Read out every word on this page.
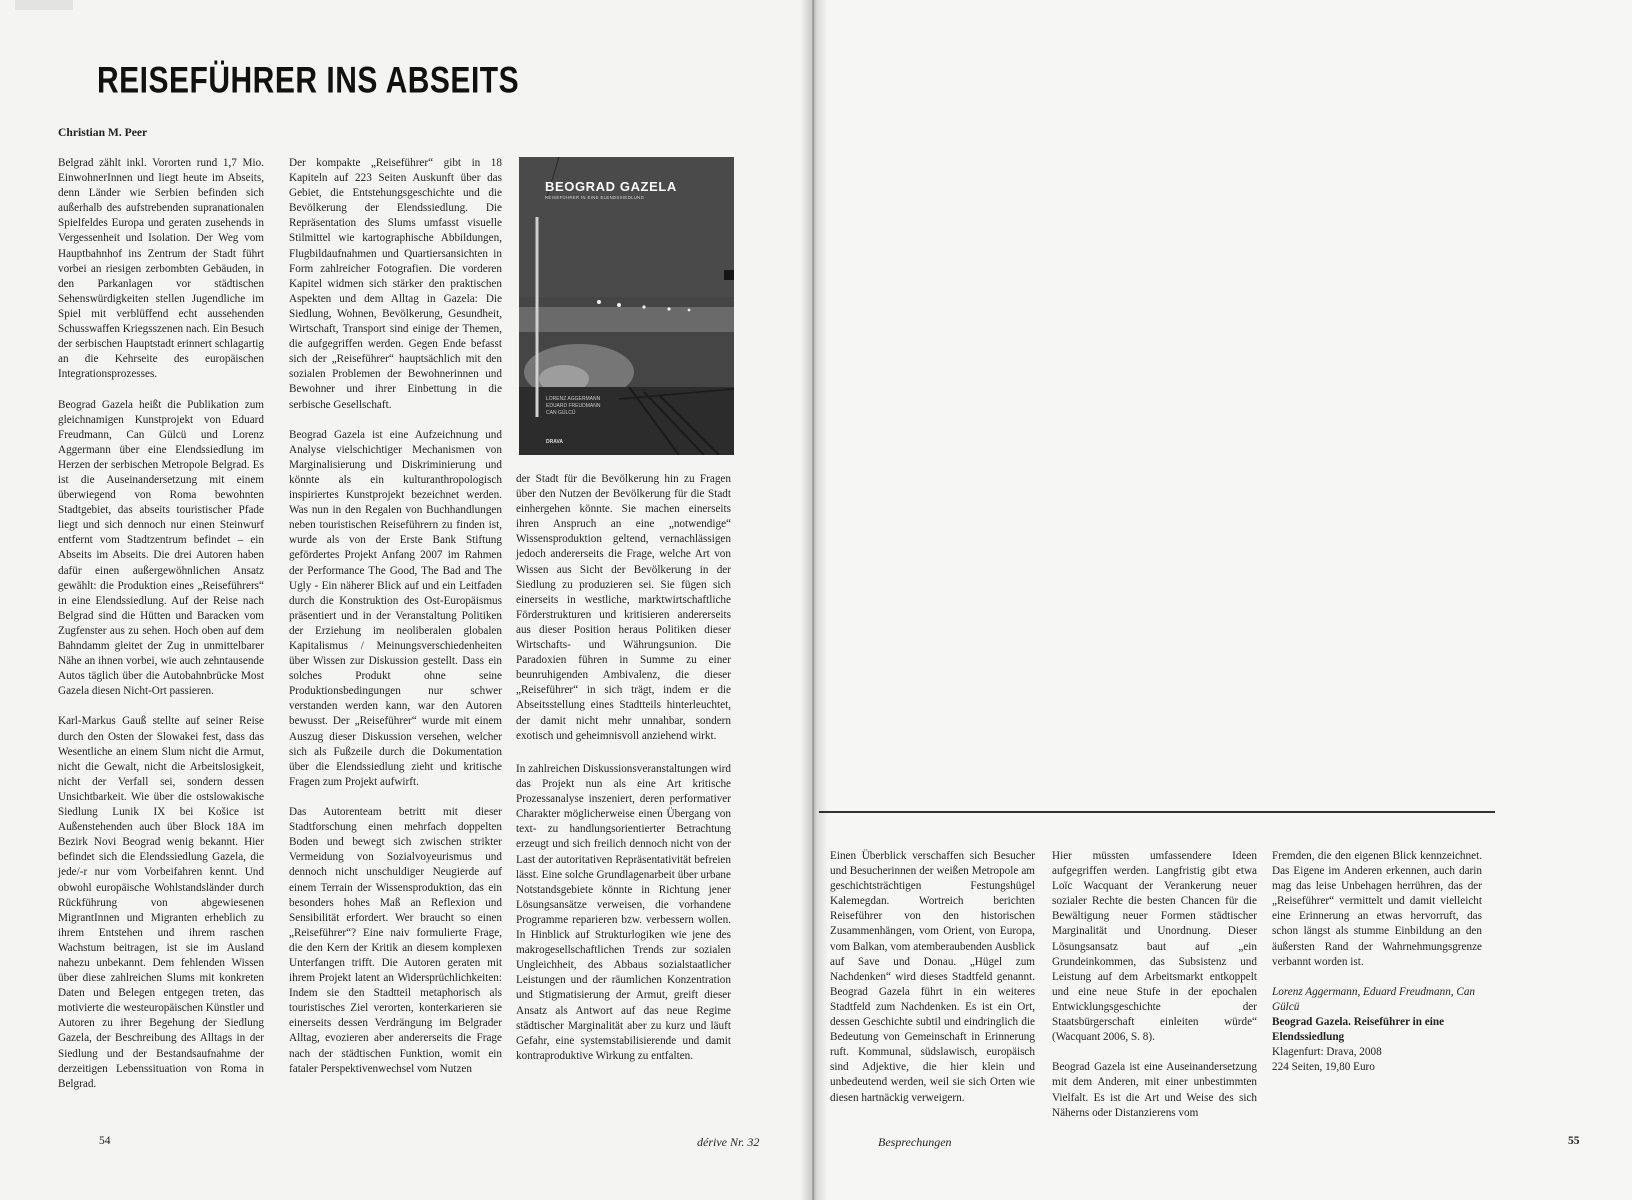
REISEFÜHRER INS ABSEITS
Christian M. Peer

Belgrad zählt inkl. Vororten rund 1,7 Mio. EinwohnerInnen und liegt heute im Abseits, denn Länder wie Serbien befinden sich außerhalb des aufstrebenden supranationalen Spielfeldes Europa und geraten zusehends in Vergessenheit und Isolation. Der Weg vom Hauptbahnhof ins Zentrum der Stadt führt vorbei an riesigen zerbombten Gebäuden, in den Parkanlagen vor städtischen Sehenswürdigkeiten stellen Jugendliche im Spiel mit verblüffend echt aussehenden Schusswaffen Kriegsszenen nach. Ein Besuch der serbischen Hauptstadt erinnert schlagartig an die Kehrseite des europäischen Integrationsprozesses.

Beograd Gazela heißt die Publikation zum gleichnamigen Kunstprojekt von Eduard Freudmann, Can Gülcü und Lorenz Aggermann über eine Elendssiedlung im Herzen der serbischen Metropole Belgrad. Es ist die Auseinandersetzung mit einem überwiegend von Roma bewohnten Stadtgebiet, das abseits touristischer Pfade liegt und sich dennoch nur einen Steinwurf entfernt vom Stadtzentrum befindet – ein Abseits im Abseits. Die drei Autoren haben dafür einen außergewöhnlichen Ansatz gewählt: die Produktion eines „Reiseführers“ in eine Elendssiedlung. Auf der Reise nach Belgrad sind die Hütten und Baracken vom Zugfenster aus zu sehen. Hoch oben auf dem Bahndamm gleitet der Zug in unmittelbarer Nähe an ihnen vorbei, wie auch zehntausende Autos täglich über die Autobahnbrücke Most Gazela diesen Nicht-Ort passieren.

Karl-Markus Gauß stellte auf seiner Reise durch den Osten der Slowakei fest, dass das Wesentliche an einem Slum nicht die Armut, nicht die Gewalt, nicht die Arbeitslosigkeit, nicht der Verfall sei, sondern dessen Unsichtbarkeit. Wie über die ostslowakische Siedlung Lunik IX bei Košice ist Außenstehenden auch über Block 18A im Bezirk Novi Beograd wenig bekannt. Hier befindet sich die Elendssiedlung Gazela, die jede/-r nur vom Vorbeifahren kennt. Und obwohl europäische Wohlstandsländer durch Rückführung von abgewiesenen MigrantInnen und Migranten erheblich zu ihrem Entstehen und ihrem raschen Wachstum beitragen, ist sie im Ausland nahezu unbekannt. Dem fehlenden Wissen über diese zahlreichen Slums mit konkreten Daten und Belegen entgegen treten, das motivierte die westeuropäischen Künstler und Autoren zu ihrer Begehung der Siedlung Gazela, der Beschreibung des Alltags in der Siedlung und der Bestandsaufnahme der derzeitigen Lebenssituation von Roma in Belgrad.

Der kompakte „Reiseführer“ gibt in 18 Kapiteln auf 223 Seiten Auskunft über das Gebiet, die Entstehungsgeschichte und die Bevölkerung der Elendssiedlung. Die Repräsentation des Slums umfasst visuelle Stilmittel wie kartographische Abbildungen, Flugbildaufnahmen und Quartiersansichten in Form zahlreicher Fotografien. Die vorderen Kapitel widmen sich stärker den praktischen Aspekten und dem Alltag in Gazela: Die Siedlung, Wohnen, Bevölkerung, Gesundheit, Wirtschaft, Transport sind einige der Themen, die aufgegriffen werden. Gegen Ende befasst sich der „Reiseführer“ hauptsächlich mit den sozialen Problemen der Bewohnerinnen und Bewohner und ihrer Einbettung in die serbische Gesellschaft.

Beograd Gazela ist eine Aufzeichnung und Analyse vielschichtiger Mechanismen von Marginalisierung und Diskriminierung und könnte als ein kulturanthropologisch inspiriertes Kunstprojekt bezeichnet werden. Was nun in den Regalen von Buchhandlungen neben touristischen Reiseführern zu finden ist, wurde als von der Erste Bank Stiftung gefördertes Projekt Anfang 2007 im Rahmen der Performance The Good, The Bad and The Ugly - Ein näherer Blick auf und ein Leitfaden durch die Konstruktion des Ost-Europäismus präsentiert und in der Veranstaltung Politiken der Erziehung im neoliberalen globalen Kapitalismus / Meinungsverschiedenheiten über Wissen zur Diskussion gestellt. Dass ein solches Produkt ohne seine Produktionsbedingungen nur schwer verstanden werden kann, war den Autoren bewusst. Der „Reiseführer“ wurde mit einem Auszug dieser Diskussion versehen, welcher sich als Fußzeile durch die Dokumentation über die Elendssiedlung zieht und kritische Fragen zum Projekt aufwirft.

Das Autorenteam betritt mit dieser Stadtforschung einen mehrfach doppelten Boden und bewegt sich zwischen strikter Vermeidung von Sozialvoyeurismus und dennoch nicht unschuldiger Neugierde auf einem Terrain der Wissensproduktion, das ein besonders hohes Maß an Reflexion und Sensibilität erfordert. Wer braucht so einen „Reiseführer“? Eine naiv formulierte Frage, die den Kern der Kritik an diesem komplexen Unterfangen trifft. Die Autoren geraten mit ihrem Projekt latent an Widersprüchlichkeiten: Indem sie den Stadtteil metaphorisch als touristisches Ziel verorten, konterkarieren sie einerseits dessen Verdrängung im Belgrader Alltag, evozieren aber andererseits die Frage nach der städtischen Funktion, womit ein fataler Perspektivenwechsel vom Nutzen

BEOGRAD GAZELA
REISEFÜHRER IN EINE ELENDSSIEDLUNG
LORENZ AGGERMANN
EDUARD FREUDMANN
CAN GÜLCÜ
DRAVA

der Stadt für die Bevölkerung hin zu Fragen über den Nutzen der Bevölkerung für die Stadt einhergehen könnte. Sie machen einerseits ihren Anspruch an eine „notwendige“ Wissensproduktion geltend, vernachlässigen jedoch andererseits die Frage, welche Art von Wissen aus Sicht der Bevölkerung in der Siedlung zu produzieren sei. Sie fügen sich einerseits in westliche, marktwirtschaftliche Förderstrukturen und kritisieren andererseits aus dieser Position heraus Politiken dieser Wirtschafts- und Währungsunion. Die Paradoxien führen in Summe zu einer beunruhigenden Ambivalenz, die dieser „Reiseführer“ in sich trägt, indem er die Abseitsstellung eines Stadtteils hinterleuchtet, der damit nicht mehr unnahbar, sondern exotisch und geheimnisvoll anziehend wirkt.

In zahlreichen Diskussionsveranstaltungen wird das Projekt nun als eine Art kritische Prozessanalyse inszeniert, deren performativer Charakter möglicherweise einen Übergang von text- zu handlungsorientierter Betrachtung erzeugt und sich freilich dennoch nicht von der Last der autoritativen Repräsentativität befreien lässt. Eine solche Grundlagenarbeit über urbane Notstandsgebiete könnte in Richtung jener Lösungsansätze verweisen, die vorhandene Programme reparieren bzw. verbessern wollen. In Hinblick auf Strukturlogiken wie jene des makrogesellschaftlichen Trends zur sozialen Ungleichheit, des Abbaus sozialstaatlicher Leistungen und der räumlichen Konzentration und Stigmatisierung der Armut, greift dieser Ansatz als Antwort auf das neue Regime städtischer Marginalität aber zu kurz und läuft Gefahr, eine systemstabilisierende und damit kontraproduktive Wirkung zu entfalten.

54	dérive Nr. 32

Einen Überblick verschaffen sich Besucher und Besucherinnen der weißen Metropole am geschichtsträchtigen Festungshügel Kalemegdan. Wortreich berichten Reiseführer von den historischen Zusammenhängen, vom Orient, von Europa, vom Balkan, vom atemberaubenden Ausblick auf Save und Donau. „Hügel zum Nachdenken“ wird dieses Stadtfeld genannt. Beograd Gazela führt in ein weiteres Stadtfeld zum Nachdenken. Es ist ein Ort, dessen Geschichte subtil und eindringlich die Bedeutung von Gemeinschaft in Erinnerung ruft. Kommunal, südslawisch, europäisch sind Adjektive, die hier klein und unbedeutend werden, weil sie sich Orten wie diesen hartnäckig verweigern.

Hier müssten umfassendere Ideen aufgegriffen werden. Langfristig gibt etwa Loïc Wacquant der Verankerung neuer sozialer Rechte die besten Chancen für die Bewältigung neuer Formen städtischer Marginalität und Unordnung. Dieser Lösungsansatz baut auf „ein Grundeinkommen, das Subsistenz und Leistung auf dem Arbeitsmarkt entkoppelt und eine neue Stufe in der epochalen Entwicklungsgeschichte der Staatsbürgerschaft einleiten würde“ (Wacquant 2006, S. 8).

Beograd Gazela ist eine Auseinandersetzung mit dem Anderen, mit einer unbestimmten Vielfalt. Es ist die Art und Weise des sich Näherns oder Distanzierens vom

Fremden, die den eigenen Blick kennzeichnet. Das Eigene im Anderen erkennen, auch darin mag das leise Unbehagen herrühren, das der „Reiseführer“ vermittelt und damit vielleicht eine Erinnerung an etwas hervorruft, das schon längst als stumme Einbildung an den äußersten Rand der Wahrnehmungsgrenze verbannt worden ist.

Lorenz Aggermann, Eduard Freudmann, Can Gülcü
Beograd Gazela. Reiseführer in eine Elendssiedlung
Klagenfurt: Drava, 2008
224 Seiten, 19,80 Euro

Besprechungen	55
